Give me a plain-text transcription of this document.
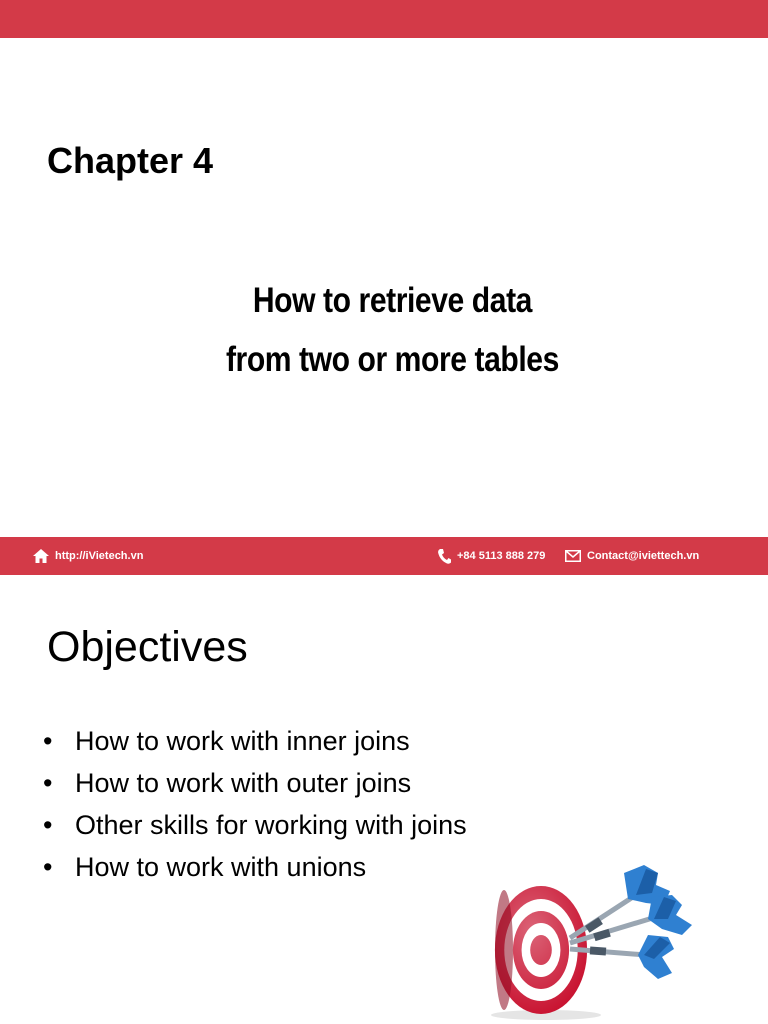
Chapter 4
How to retrieve data
from two or more tables
http://iVietech.vn	+84 5113 888 279	Contact@iviettech.vn
Objectives
• How to work with inner joins
• How to work with outer joins
• Other skills for working with joins
• How to work with unions
